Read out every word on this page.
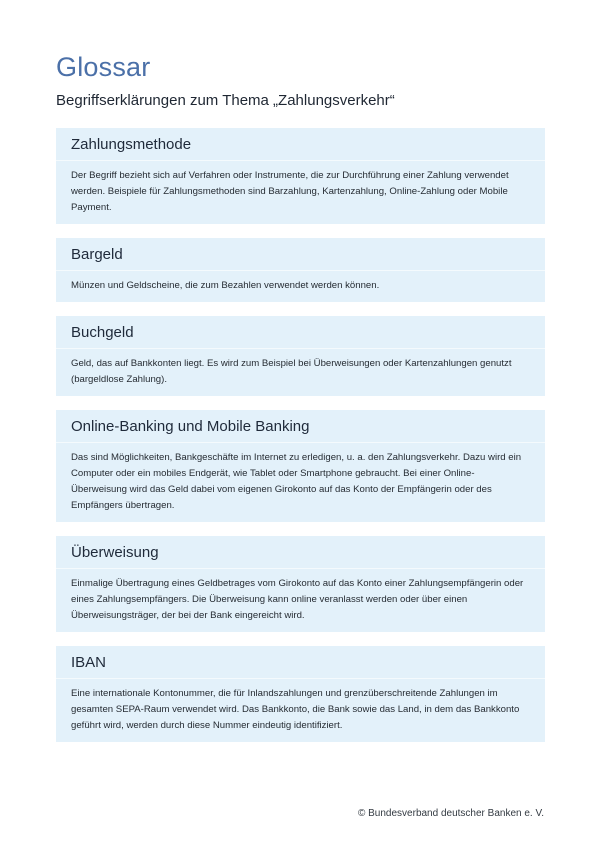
Glossar
Begriffserklärungen zum Thema „Zahlungsverkehr“
Zahlungsmethode
Der Begriff bezieht sich auf Verfahren oder Instrumente, die zur Durchführung einer Zahlung verwendet werden. Beispiele für Zahlungsmethoden sind Barzahlung, Kartenzahlung, Online-Zahlung oder Mobile Payment.
Bargeld
Münzen und Geldscheine, die zum Bezahlen verwendet werden können.
Buchgeld
Geld, das auf Bankkonten liegt. Es wird zum Beispiel bei Überweisungen oder Kartenzahlungen genutzt (bargeldlose Zahlung).
Online-Banking und Mobile Banking
Das sind Möglichkeiten, Bankgeschäfte im Internet zu erledigen, u. a. den Zahlungsverkehr. Dazu wird ein Computer oder ein mobiles Endgerät, wie Tablet oder Smartphone gebraucht. Bei einer Online-Überweisung wird das Geld dabei vom eigenen Girokonto auf das Konto der Empfängerin oder des Empfängers übertragen.
Überweisung
Einmalige Übertragung eines Geldbetrages vom Girokonto auf das Konto einer Zahlungsempfängerin oder eines Zahlungsempfängers. Die Überweisung kann online veranlasst werden oder über einen Überweisungsträger, der bei der Bank eingereicht wird.
IBAN
Eine internationale Kontonummer, die für Inlandszahlungen und grenzüberschreitende Zahlungen im gesamten SEPA-Raum verwendet wird. Das Bankkonto, die Bank sowie das Land, in dem das Bankkonto geführt wird, werden durch diese Nummer eindeutig identifiziert.
© Bundesverband deutscher Banken e. V.
